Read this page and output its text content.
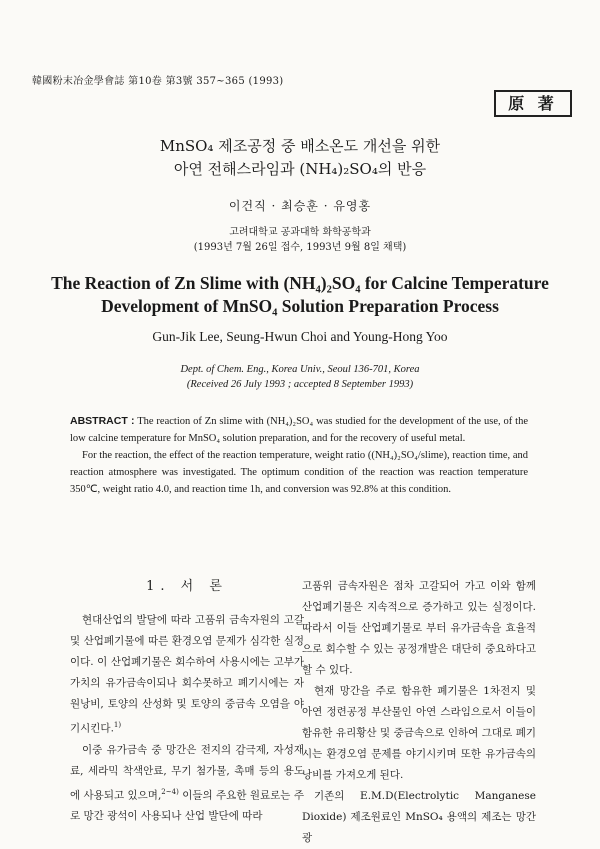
韓國粉末冶金學會誌 第10卷 第3號 357~365 (1993)
原 著
MnSO₄ 제조공정 중 배소온도 개선을 위한
아연 전해스라임과 (NH₄)₂SO₄의 반응
이건직 · 최승훈 · 유영홍
고려대학교 공과대학 화학공학과
(1993년 7월 26일 접수, 1993년 9월 8일 채택)
The Reaction of Zn Slime with (NH₄)₂SO₄ for Calcine Temperature
Development of MnSO₄ Solution Preparation Process
Gun-Jik Lee, Seung-Hwun Choi and Young-Hong Yoo
Dept. of Chem. Eng., Korea Univ., Seoul 136-701, Korea
(Received 26 July 1993 ; accepted 8 September 1993)

ABSTRACT : The reaction of Zn slime with (NH₄)₂SO₄ was studied for the development of the use, of the low calcine temperature for MnSO₄ solution preparation, and for the recovery of useful metal.

For the reaction, the effect of the reaction temperature, weight ratio ((NH₄)₂SO₄/slime), reaction time, and reaction atmosphere was investigated. The optimum condition of the reaction was reaction temperature 350℃, weight ratio 4.0, and reaction time 1h, and conversion was 92.8% at this condition.

1. 서 론

현대산업의 발달에 따라 고품위 금속자원의 고갈 및 산업폐기물에 따른 환경오염 문제가 심각한 실정이다. 이 산업폐기물은 회수하여 사용시에는 고부가가치의 유가금속이되나 회수못하고 폐기시에는 자원낭비, 토양의 산성화 및 토양의 중금속 오염을 야기시킨다.$^{1)}$

이중 유가금속 중 망간은 전지의 감극제, 자성재료, 세라믹 착색안료, 무기 첨가물, 촉매 등의 용도에 사용되고 있으며,$^{2\sim 4)}$ 이들의 주요한 원료로는 주로 망간 광석이 사용되나 산업 발단에 따라

고품위 금속자원은 점차 고갈되어 가고 이와 함께 산업폐기물은 지속적으로 증가하고 있는 실정이다. 따라서 이들 산업폐기물로 부터 유가금속을 효율적으로 회수할 수 있는 공정개발은 대단히 중요하다고 할 수 있다.

현재 망간을 주로 함유한 폐기물은 1차전지 및 아연 정련공정 부산물인 아연 스라임으로서 이들이 함유한 유리황산 및 중금속으로 인하여 그대로 폐기시는 환경오염 문제를 야기시키며 또한 유가금속의 낭비를 가져오게 된다.

기존의 E.M.D(Electrolytic Manganese Dioxide) 제조원료인 MnSO₄ 용액의 제조는 망간광
